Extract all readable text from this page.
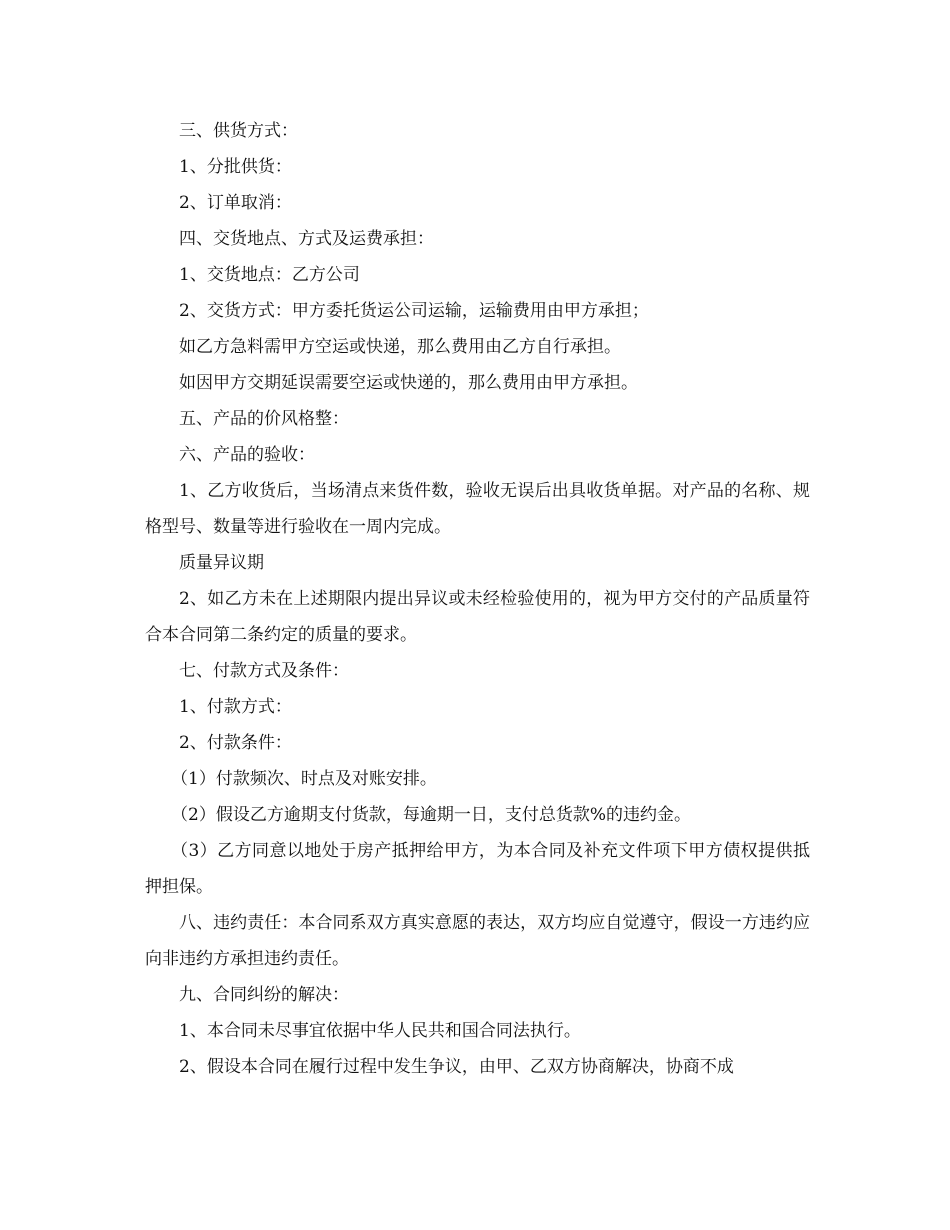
三、供货方式：

1、分批供货：

2、订单取消：

四、交货地点、方式及运费承担：

1、交货地点：乙方公司

2、交货方式：甲方委托货运公司运输，运输费用由甲方承担；

如乙方急料需甲方空运或快递，那么费用由乙方自行承担。

如因甲方交期延误需要空运或快递的，那么费用由甲方承担。

五、产品的价风格整：

六、产品的验收：

1、乙方收货后，当场清点来货件数，验收无误后出具收货单据。对产品的名称、规格型号、数量等进行验收在一周内完成。

质量异议期

2、如乙方未在上述期限内提出异议或未经检验使用的，视为甲方交付的产品质量符合本合同第二条约定的质量的要求。

七、付款方式及条件：

1、付款方式：

2、付款条件：

（1）付款频次、时点及对账安排。

（2）假设乙方逾期支付货款，每逾期一日，支付总货款%的违约金。

（3）乙方同意以地处于房产抵押给甲方，为本合同及补充文件项下甲方债权提供抵押担保。

八、违约责任：本合同系双方真实意愿的表达，双方均应自觉遵守，假设一方违约应向非违约方承担违约责任。

九、合同纠纷的解决：

1、本合同未尽事宜依据中华人民共和国合同法执行。

2、假设本合同在履行过程中发生争议，由甲、乙双方协商解决，协商不成
